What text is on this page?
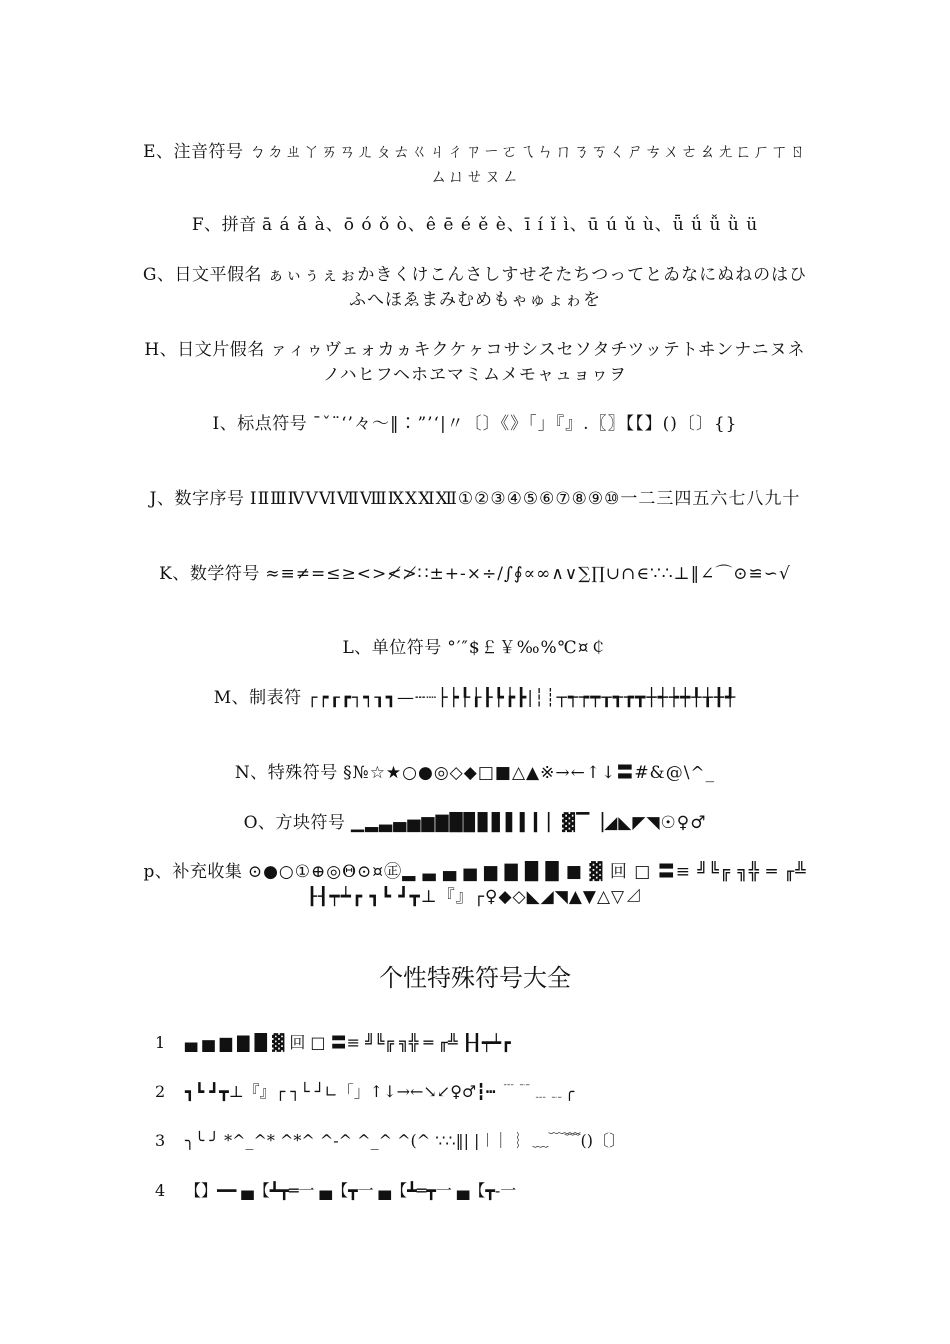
E、注音符号 ㄅㄉㄓㄚㄞㄢㄦㄆㄊㄍㄐㄔㄗㄧㄛㄟㄣㄇㄋㄎㄑㄕㄘㄨㄜㄠㄤㄈㄏㄒㄖㄙㄩㄝㄡㄥ
F、拼音 ā á ǎ à、ō ó ǒ ò、ê ē é ě è、ī í ǐ ì、ū ú ǔ ù、ǖ ǘ ǚ ǜ ü
G、日文平假名 ぁぃぅぇぉかきくけこんさしすせそたちつってとゐなにぬねのはひふへほゑまみむめもゃゅょゎを
H、日文片假名 ァィゥヴェォカヵキクケヶコサシスセソタチツッテトヰンナニヌネノハヒフヘホヱマミムメモャュョヮヲ
I、标点符号 ˉˇ¨‘’々～‖∶”’‘|〃〔〕《》「」『』.〖〗【【】()〔〕{}
J、数字序号 ⅠⅡⅢⅣⅤⅥⅦⅧⅨⅩⅪⅫ①②③④⑤⑥⑦⑧⑨⑩一二三四五六七八九十
K、数学符号 ≈≡≠=≤≥<>≮≯∷±+-×÷/∫∮∝∞∧∨∑∏∪∩∈∵∴⊥‖∠⌒⊙≌∽√
L、单位符号 °′″$￡￥‰%℃¤￠
M、制表符 ┌┍┎┏┐┑┒┓—┄┈├┝┞┟┠┡┢┣|┆┊┬┭┮┯┰┱┲┳┼┽┾┿╀╁╂╃
N、特殊符号 §№☆★○●◎◇◆□■△▲※→←↑↓〓#&@\^_
O、方块符号 ▁▂▃▄▅▆▇█▉▊▋▌▍▎▏▓▔▕◢◣◤◥☉♀♂
p、补充收集 ⊙●○①⊕◎Θ⊙¤㊣▂ ▃ ▄ ▅ ▆ ▇ █ █ ■ ▓ 回 □ 〓≡ ╝╚╔ ╗╬ ═ ╓╩ ┠┨┯┷┏ ┓┗ ┛┳⊥『』┌♀◆◇◣◢◥▲▼△▽⊿
个性特殊符号大全
1 ▄ ▅ ▆ ▇ █ ▓ 回 □ 〓≡ ╝╚╔ ╗╬ ═ ╓╩ ┠┨┯┷┏
2 ┓┗ ┛┳⊥『』┌ ┐└ ┘∟「」↑↓→←↘↙♀♂┇┅ ﹉﹊﹍﹎╭
3 ╮╰ ╯ *^_^* ^*^ ^-^ ^_^ ^(^ ∵∴‖| |︱ ︳︴﹏﹋﹌()〔〕
4 【】━━ ▄【┻┳═一 ▄【┳一 ▄【┻═┳一 ▄【┳-一
